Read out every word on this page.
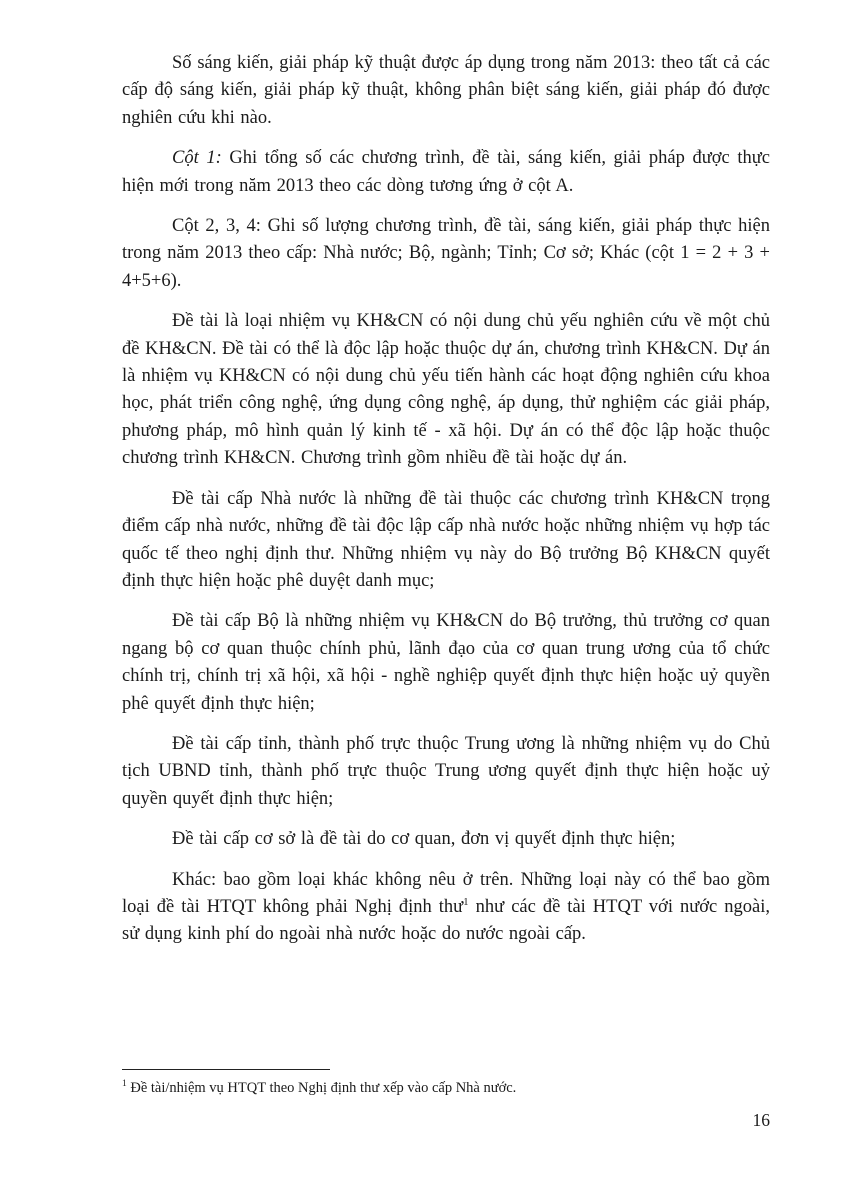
Số sáng kiến, giải pháp kỹ thuật được áp dụng trong năm 2013: theo tất cả các cấp độ sáng kiến, giải pháp kỹ thuật, không phân biệt sáng kiến, giải pháp đó được nghiên cứu khi nào.

Cột 1: Ghi tổng số các chương trình, đề tài, sáng kiến, giải pháp được thực hiện mới trong năm 2013 theo các dòng tương ứng ở cột A.

Cột 2, 3, 4: Ghi số lượng chương trình, đề tài, sáng kiến, giải pháp thực hiện trong năm 2013 theo cấp: Nhà nước; Bộ, ngành; Tỉnh; Cơ sở; Khác (cột 1 = 2 + 3 + 4+5+6).

Đề tài là loại nhiệm vụ KH&CN có nội dung chủ yếu nghiên cứu về một chủ đề KH&CN. Đề tài có thể là độc lập hoặc thuộc dự án, chương trình KH&CN. Dự án là nhiệm vụ KH&CN có nội dung chủ yếu tiến hành các hoạt động nghiên cứu khoa học, phát triển công nghệ, ứng dụng công nghệ, áp dụng, thử nghiệm các giải pháp, phương pháp, mô hình quản lý kinh tế - xã hội. Dự án có thể độc lập hoặc thuộc chương trình KH&CN. Chương trình gồm nhiều đề tài hoặc dự án.

Đề tài cấp Nhà nước là những đề tài thuộc các chương trình KH&CN trọng điểm cấp nhà nước, những đề tài độc lập cấp nhà nước hoặc những nhiệm vụ hợp tác quốc tế theo nghị định thư. Những nhiệm vụ này do Bộ trưởng Bộ KH&CN quyết định thực hiện hoặc phê duyệt danh mục;

Đề tài cấp Bộ là những nhiệm vụ KH&CN do Bộ trưởng, thủ trưởng cơ quan ngang bộ cơ quan thuộc chính phủ, lãnh đạo của cơ quan trung ương của tổ chức chính trị, chính trị xã hội, xã hội - nghề nghiệp quyết định thực hiện hoặc uỷ quyền phê quyết định thực hiện;

Đề tài cấp tỉnh, thành phố trực thuộc Trung ương là những nhiệm vụ do Chủ tịch UBND tỉnh, thành phố trực thuộc Trung ương quyết định thực hiện hoặc uỷ quyền quyết định thực hiện;

Đề tài cấp cơ sở là đề tài do cơ quan, đơn vị quyết định thực hiện;

Khác: bao gồm loại khác không nêu ở trên. Những loại này có thể bao gồm loại đề tài HTQT không phải Nghị định thư$^1$ như các đề tài HTQT với nước ngoài, sử dụng kinh phí do ngoài nhà nước hoặc do nước ngoài cấp.

$^1$ Đề tài/nhiệm vụ HTQT theo Nghị định thư xếp vào cấp Nhà nước.
16
